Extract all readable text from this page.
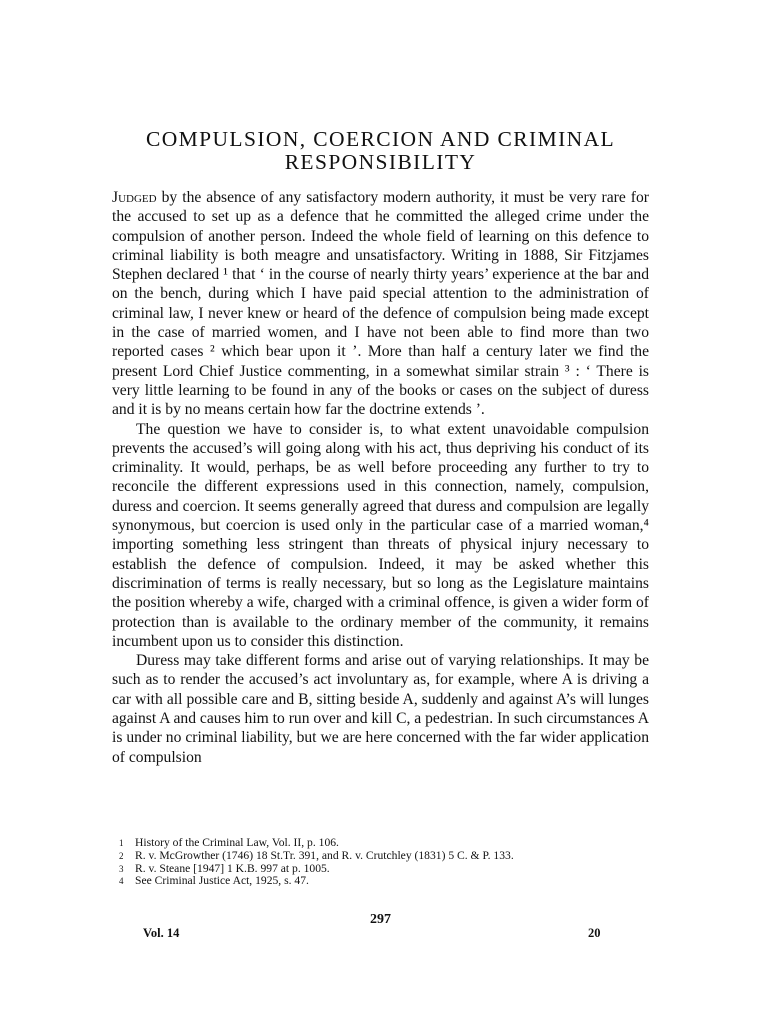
COMPULSION, COERCION AND CRIMINAL
RESPONSIBILITY

Judged by the absence of any satisfactory modern authority, it must be very rare for the accused to set up as a defence that he committed the alleged crime under the compulsion of another person. Indeed the whole field of learning on this defence to criminal liability is both meagre and unsatisfactory. Writing in 1888, Sir Fitzjames Stephen declared ¹ that ‘ in the course of nearly thirty years’ experience at the bar and on the bench, during which I have paid special attention to the administration of criminal law, I never knew or heard of the defence of compulsion being made except in the case of married women, and I have not been able to find more than two reported cases ² which bear upon it ’. More than half a century later we find the present Lord Chief Justice commenting, in a somewhat similar strain ³ : ‘ There is very little learning to be found in any of the books or cases on the subject of duress and it is by no means certain how far the doctrine extends ’.

The question we have to consider is, to what extent unavoidable compulsion prevents the accused’s will going along with his act, thus depriving his conduct of its criminality. It would, perhaps, be as well before proceeding any further to try to reconcile the different expressions used in this connection, namely, compulsion, duress and coercion. It seems generally agreed that duress and compulsion are legally synonymous, but coercion is used only in the particular case of a married woman,⁴ importing something less stringent than threats of physical injury necessary to establish the defence of compulsion. Indeed, it may be asked whether this discrimination of terms is really necessary, but so long as the Legislature maintains the position whereby a wife, charged with a criminal offence, is given a wider form of protection than is available to the ordinary member of the community, it remains incumbent upon us to consider this distinction.

Duress may take different forms and arise out of varying relationships. It may be such as to render the accused’s act involuntary as, for example, where A is driving a car with all possible care and B, sitting beside A, suddenly and against A’s will lunges against A and causes him to run over and kill C, a pedestrian. In such circumstances A is under no criminal liability, but we are here concerned with the far wider application of compulsion

1 History of the Criminal Law, Vol. II, p. 106.
2 R. v. McGrowther (1746) 18 St.Tr. 391, and R. v. Crutchley (1831) 5 C. & P. 133.
3 R. v. Steane [1947] 1 K.B. 997 at p. 1005.
4 See Criminal Justice Act, 1925, s. 47.
297
Vol. 14	20
